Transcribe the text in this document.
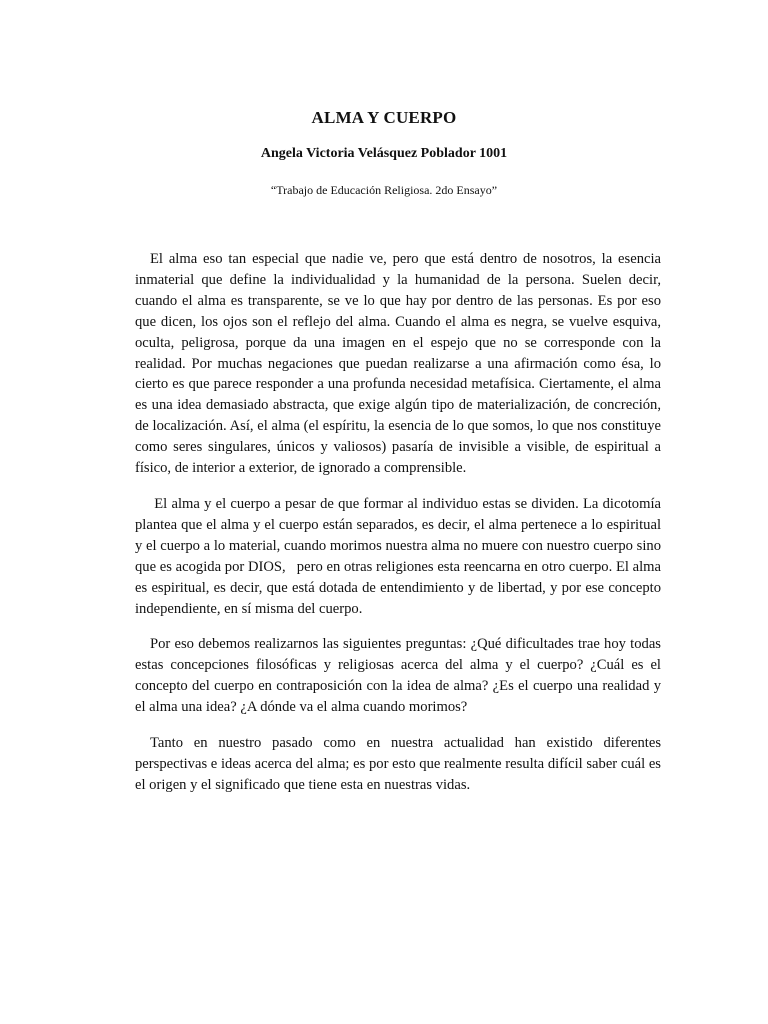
ALMA Y CUERPO
Angela Victoria Velásquez Poblador 1001
“Trabajo de Educación Religiosa. 2do Ensayo”

El alma eso tan especial que nadie ve, pero que está dentro de nosotros, la esencia inmaterial que define la individualidad y la humanidad de la persona. Suelen decir, cuando el alma es transparente, se ve lo que hay por dentro de las personas. Es por eso que dicen, los ojos son el reflejo del alma. Cuando el alma es negra, se vuelve esquiva, oculta, peligrosa, porque da una imagen en el espejo que no se corresponde con la realidad. Por muchas negaciones que puedan realizarse a una afirmación como ésa, lo cierto es que parece responder a una profunda necesidad metafísica. Ciertamente, el alma es una idea demasiado abstracta, que exige algún tipo de materialización, de concreción, de localización. Así, el alma (el espíritu, la esencia de lo que somos, lo que nos constituye como seres singulares, únicos y valiosos) pasaría de invisible a visible, de espiritual a físico, de interior a exterior, de ignorado a comprensible.

El alma y el cuerpo a pesar de que formar al individuo estas se dividen. La dicotomía plantea que el alma y el cuerpo están separados, es decir, el alma pertenece a lo espiritual y el cuerpo a lo material, cuando morimos nuestra alma no muere con nuestro cuerpo sino que es acogida por DIOS,   pero en otras religiones esta reencarna en otro cuerpo. El alma es espiritual, es decir, que está dotada de entendimiento y de libertad, y por ese concepto independiente, en sí misma del cuerpo.

Por eso debemos realizarnos las siguientes preguntas: ¿Qué dificultades trae hoy todas estas concepciones filosóficas y religiosas acerca del alma y el cuerpo? ¿Cuál es el concepto del cuerpo en contraposición con la idea de alma? ¿Es el cuerpo una realidad y el alma una idea? ¿A dónde va el alma cuando morimos?

Tanto en nuestro pasado como en nuestra actualidad han existido diferentes perspectivas e ideas acerca del alma; es por esto que realmente resulta difícil saber cuál es el origen y el significado que tiene esta en nuestras vidas.
